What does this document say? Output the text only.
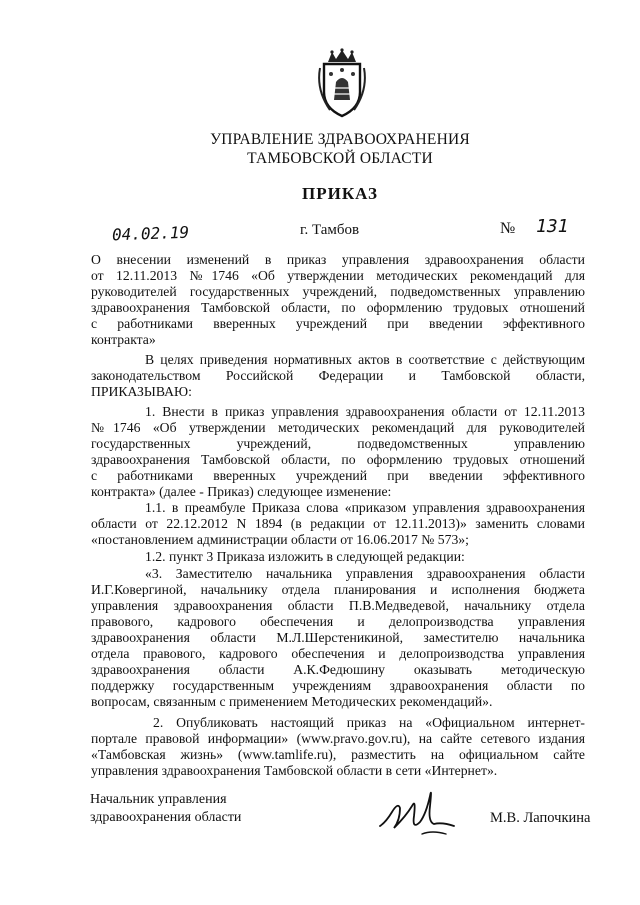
УПРАВЛЕНИЕ ЗДРАВООХРАНЕНИЯ
ТАМБОВСКОЙ ОБЛАСТИ
ПРИКАЗ
04.02.19	г. Тамбов	№ 131
О внесении изменений в приказ управления здравоохранения области
от 12.11.2013 №1746 «Об утверждении методических рекомендаций для
руководителей государственных учреждений, подведомственных управлению
здравоохранения Тамбовской области, по оформлению трудовых отношений
с работниками вверенных учреждений при введении эффективного
контракта»
В целях приведения нормативных актов в соответствие с действующим
законодательством Российской Федерации и Тамбовской области,
ПРИКАЗЫВАЮ:
1. Внести в приказ управления здравоохранения области от 12.11.2013
№1746 «Об утверждении методических рекомендаций для руководителей
государственных учреждений, подведомственных управлению
здравоохранения Тамбовской области, по оформлению трудовых отношений
с работниками вверенных учреждений при введении эффективного
контракта» (далее - Приказ) следующее изменение:
1.1. в преамбуле Приказа слова «приказом управления здравоохранения
области от 22.12.2012 N 1894 (в редакции от 12.11.2013)» заменить словами
«постановлением администрации области от 16.06.2017 № 573»;
1.2. пункт 3 Приказа изложить в следующей редакции:
«3. Заместителю начальника управления здравоохранения области
И.Г.Ковергиной, начальнику отдела планирования и исполнения бюджета
управления здравоохранения области П.В.Медведевой, начальнику отдела
правового, кадрового обеспечения и делопроизводства управления
здравоохранения области М.Л.Шерстеникиной, заместителю начальника
отдела правового, кадрового обеспечения и делопроизводства управления
здравоохранения области А.К.Федюшину оказывать методическую
поддержку государственным учреждениям здравоохранения области по
вопросам, связанным с применением Методических рекомендаций».
2. Опубликовать настоящий приказ на «Официальном интернет-
портале правовой информации» (www.pravo.gov.ru), на сайте сетевого издания
«Тамбовская жизнь» (www.tamlife.ru), разместить на официальном сайте
управления здравоохранения Тамбовской области в сети «Интернет».
Начальник управления
здравоохранения области	М.В. Лапочкина
